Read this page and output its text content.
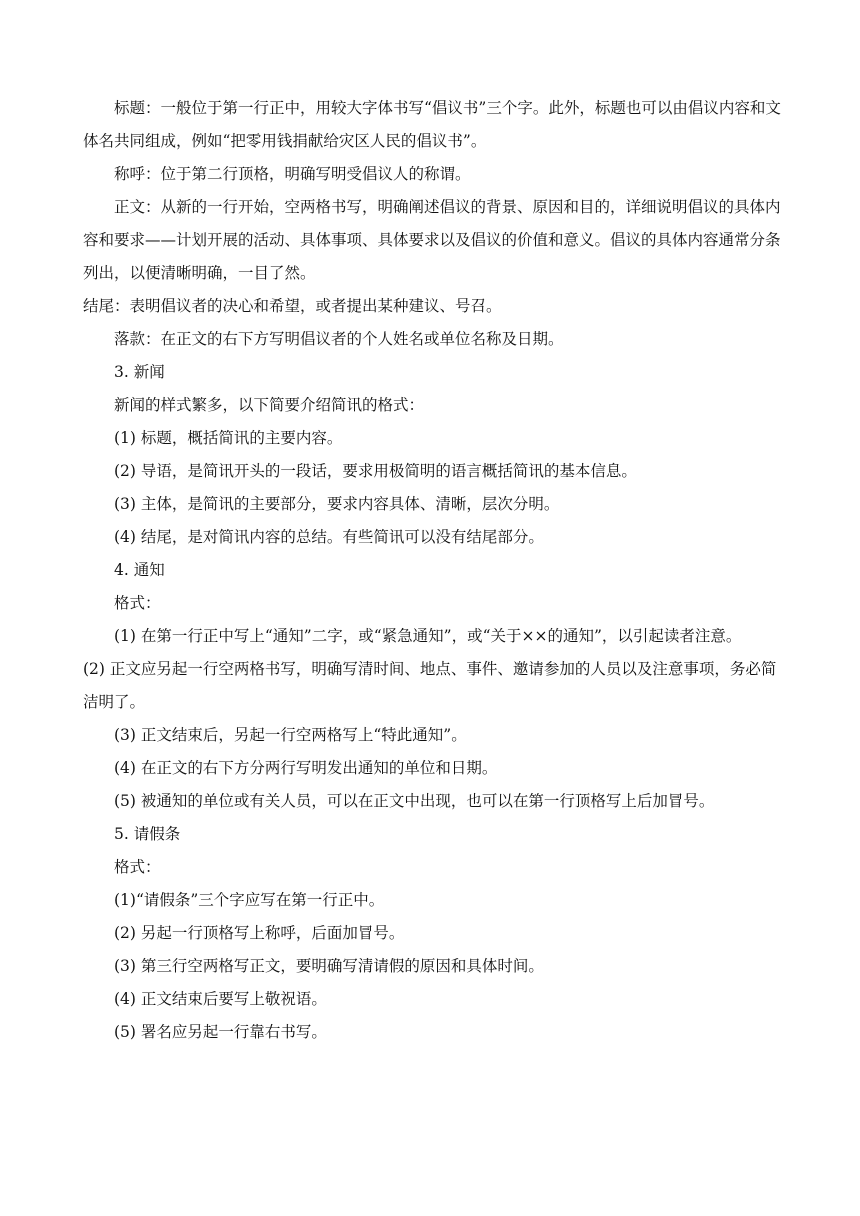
标题：一般位于第一行正中，用较大字体书写“倡议书”三个字。此外，标题也可以由倡议内容和文体名共同组成，例如“把零用钱捐献给灾区人民的倡议书”。

称呼：位于第二行顶格，明确写明受倡议人的称谓。

正文：从新的一行开始，空两格书写，明确阐述倡议的背景、原因和目的，详细说明倡议的具体内容和要求——计划开展的活动、具体事项、具体要求以及倡议的价值和意义。倡议的具体内容通常分条列出，以便清晰明确，一目了然。

结尾：表明倡议者的决心和希望，或者提出某种建议、号召。

落款：在正文的右下方写明倡议者的个人姓名或单位名称及日期。

3. 新闻

新闻的样式繁多，以下简要介绍简讯的格式：

(1) 标题，概括简讯的主要内容。

(2) 导语，是简讯开头的一段话，要求用极简明的语言概括简讯的基本信息。

(3) 主体，是简讯的主要部分，要求内容具体、清晰，层次分明。

(4) 结尾，是对简讯内容的总结。有些简讯可以没有结尾部分。

4. 通知

格式：

(1) 在第一行正中写上“通知”二字，或“紧急通知”，或“关于××的通知”，以引起读者注意。

(2) 正文应另起一行空两格书写，明确写清时间、地点、事件、邀请参加的人员以及注意事项，务必简洁明了。

(3) 正文结束后，另起一行空两格写上“特此通知”。

(4) 在正文的右下方分两行写明发出通知的单位和日期。

(5) 被通知的单位或有关人员，可以在正文中出现，也可以在第一行顶格写上后加冒号。

5. 请假条

格式：

(1)“请假条”三个字应写在第一行正中。

(2) 另起一行顶格写上称呼，后面加冒号。

(3) 第三行空两格写正文，要明确写清请假的原因和具体时间。

(4) 正文结束后要写上敬祝语。

(5) 署名应另起一行靠右书写。
